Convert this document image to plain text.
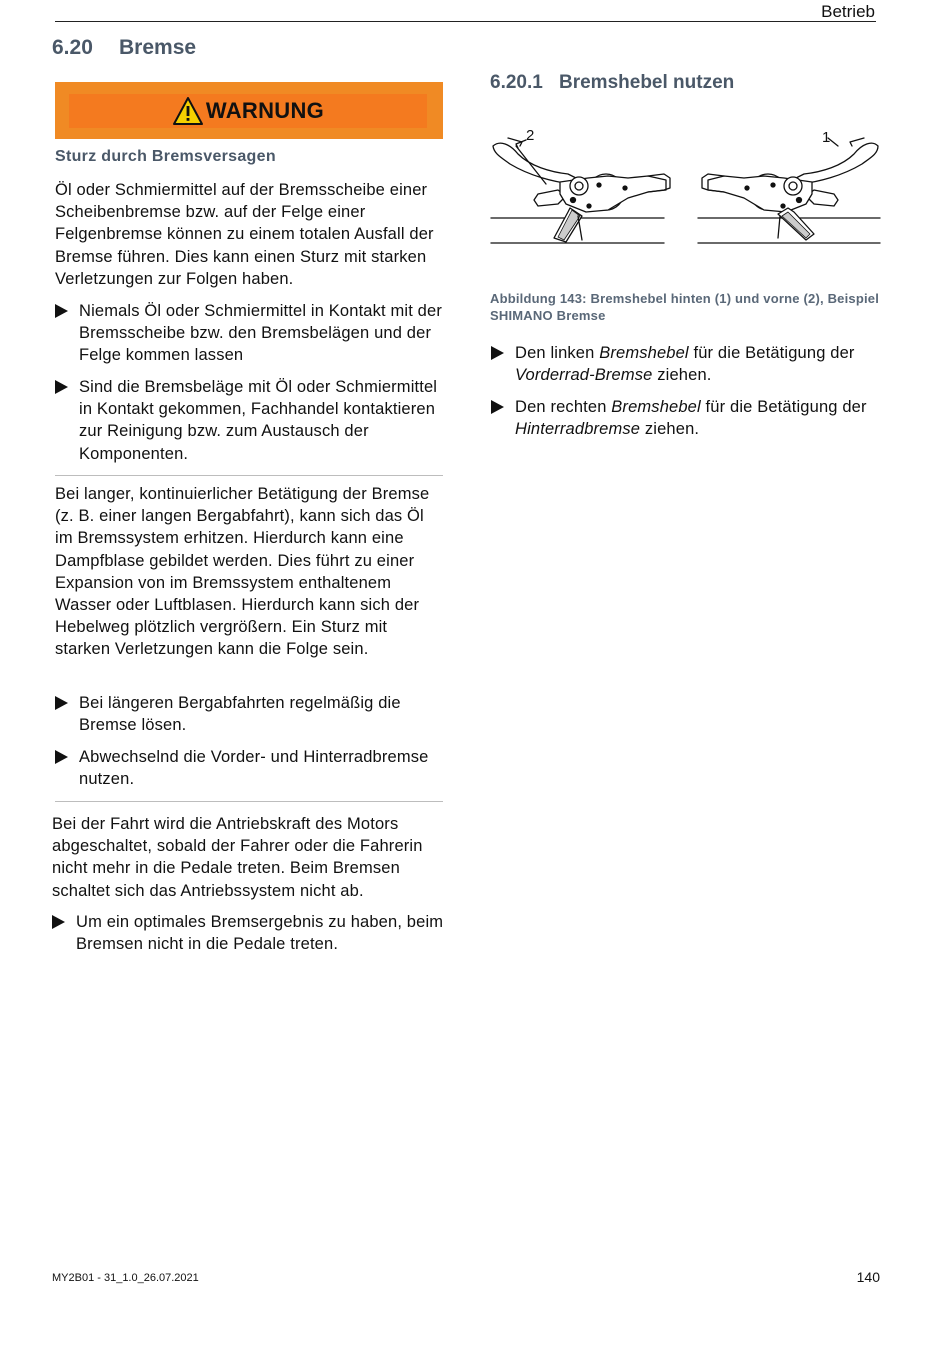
Betrieb
6.20 Bremse
WARNUNG
Sturz durch Bremsversagen
Öl oder Schmiermittel auf der Bremsscheibe einer Scheibenbremse bzw. auf der Felge einer Felgenbremse können zu einem totalen Ausfall der Bremse führen. Dies kann einen Sturz mit starken Verletzungen zur Folgen haben.
Niemals Öl oder Schmiermittel in Kontakt mit der Bremsscheibe bzw. den Bremsbelägen und der Felge kommen lassen
Sind die Bremsbeläge mit Öl oder Schmiermittel in Kontakt gekommen, Fachhandel kontaktieren zur Reinigung bzw. zum Austausch der Komponenten.
Bei langer, kontinuierlicher Betätigung der Bremse (z. B. einer langen Bergabfahrt), kann sich das Öl im Bremssystem erhitzen. Hierdurch kann eine Dampfblase gebildet werden. Dies führt zu einer Expansion von im Bremssystem enthaltenem Wasser oder Luftblasen. Hierdurch kann sich der Hebelweg plötzlich vergrößern. Ein Sturz mit starken Verletzungen kann die Folge sein.
Bei längeren Bergabfahrten regelmäßig die Bremse lösen.
Abwechselnd die Vorder- und Hinterradbremse nutzen.
Bei der Fahrt wird die Antriebskraft des Motors abgeschaltet, sobald der Fahrer oder die Fahrerin nicht mehr in die Pedale treten. Beim Bremsen schaltet sich das Antriebssystem nicht ab.
Um ein optimales Bremsergebnis zu haben, beim Bremsen nicht in die Pedale treten.
6.20.1 Bremshebel nutzen
2	1
Abbildung 143: Bremshebel hinten (1) und vorne (2), Beispiel SHIMANO Bremse
Den linken Bremshebel für die Betätigung der Vorderrad-Bremse ziehen.
Den rechten Bremshebel für die Betätigung der Hinterradbremse ziehen.
MY2B01 - 31_1.0_26.07.2021	140
